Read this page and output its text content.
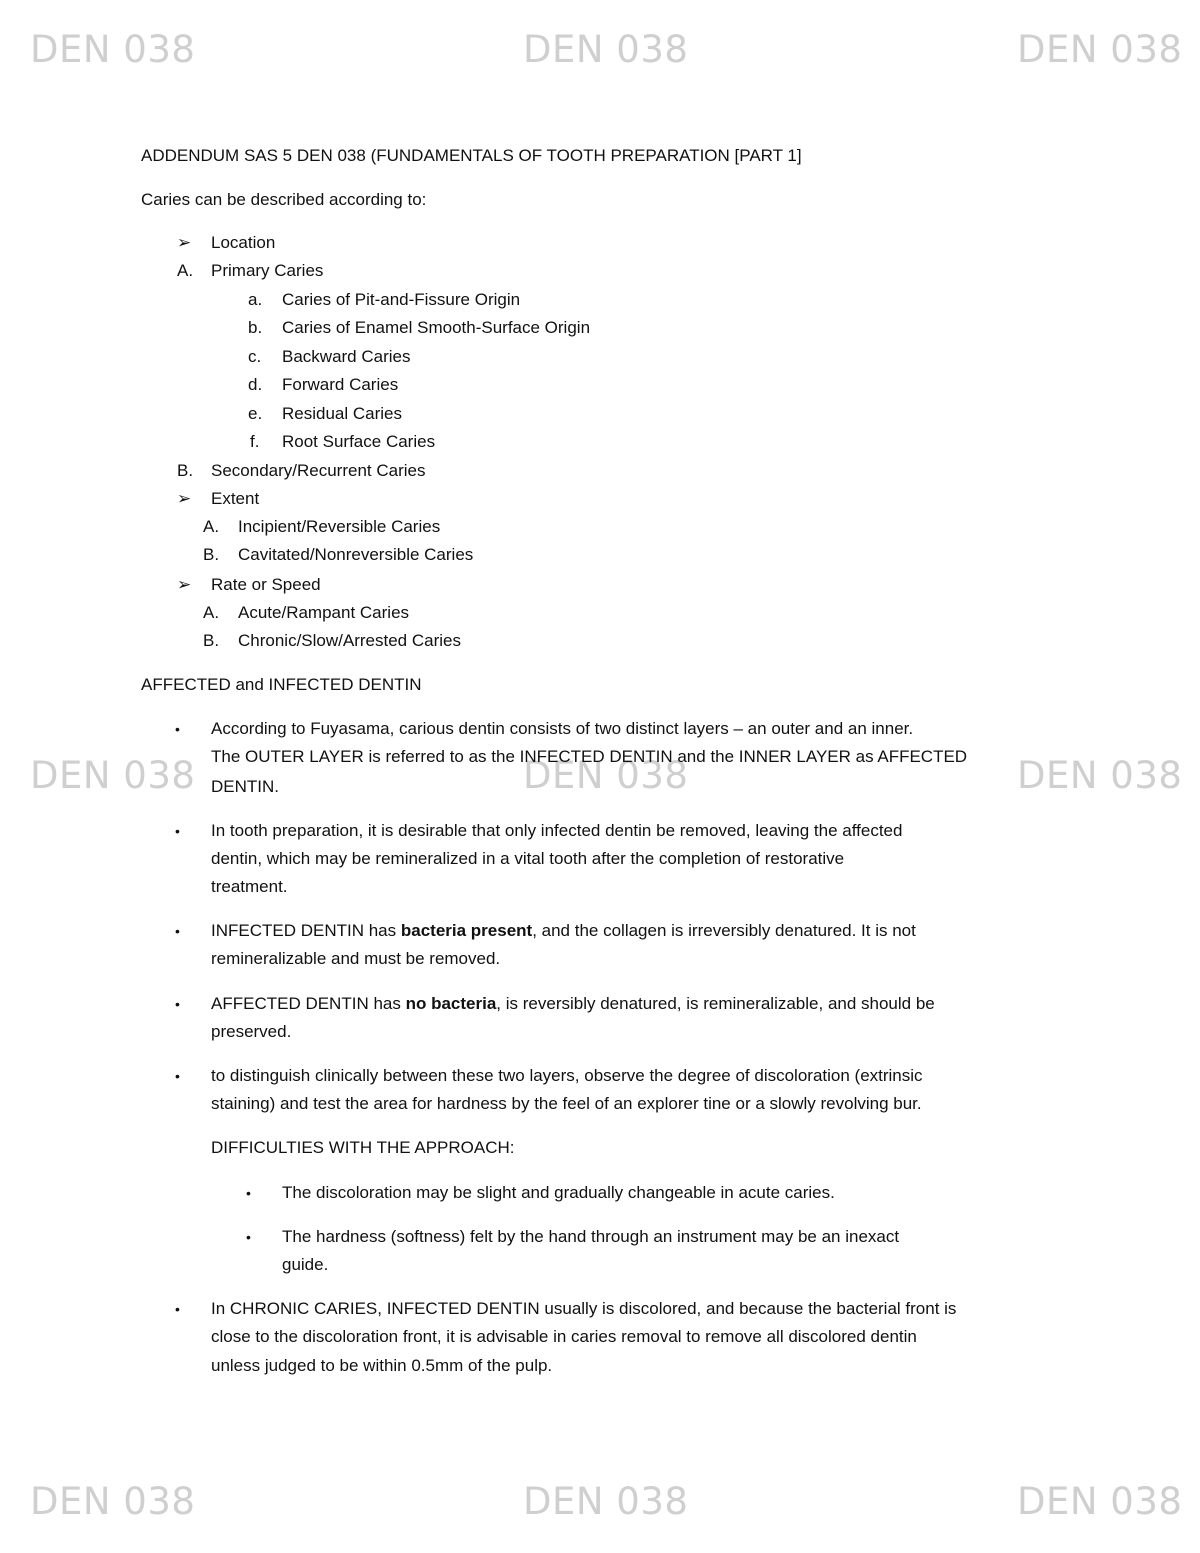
DEN 038	DEN 038	DEN 038
DEN 038	DEN 038	DEN 038
DEN 038	DEN 038	DEN 038
ADDENDUM SAS 5 DEN 038 (FUNDAMENTALS OF TOOTH PREPARATION [PART 1]
Caries can be described according to:
➢ Location
A. Primary Caries
a. Caries of Pit-and-Fissure Origin
b. Caries of Enamel Smooth-Surface Origin
c. Backward Caries
d. Forward Caries
e. Residual Caries
f. Root Surface Caries
B. Secondary/Recurrent Caries
➢ Extent
A. Incipient/Reversible Caries
B. Cavitated/Nonreversible Caries
➢ Rate or Speed
A. Acute/Rampant Caries
B. Chronic/Slow/Arrested Caries
AFFECTED and INFECTED DENTIN
• According to Fuyasama, carious dentin consists of two distinct layers – an outer and an inner.
The OUTER LAYER is referred to as the INFECTED DENTIN and the INNER LAYER as AFFECTED
DENTIN.
• In tooth preparation, it is desirable that only infected dentin be removed, leaving the affected
dentin, which may be remineralized in a vital tooth after the completion of restorative
treatment.
• INFECTED DENTIN has bacteria present, and the collagen is irreversibly denatured. It is not
remineralizable and must be removed.
• AFFECTED DENTIN has no bacteria, is reversibly denatured, is remineralizable, and should be
preserved.
• to distinguish clinically between these two layers, observe the degree of discoloration (extrinsic
staining) and test the area for hardness by the feel of an explorer tine or a slowly revolving bur.
DIFFICULTIES WITH THE APPROACH:
• The discoloration may be slight and gradually changeable in acute caries.
• The hardness (softness) felt by the hand through an instrument may be an inexact
guide.
• In CHRONIC CARIES, INFECTED DENTIN usually is discolored, and because the bacterial front is
close to the discoloration front, it is advisable in caries removal to remove all discolored dentin
unless judged to be within 0.5mm of the pulp.
